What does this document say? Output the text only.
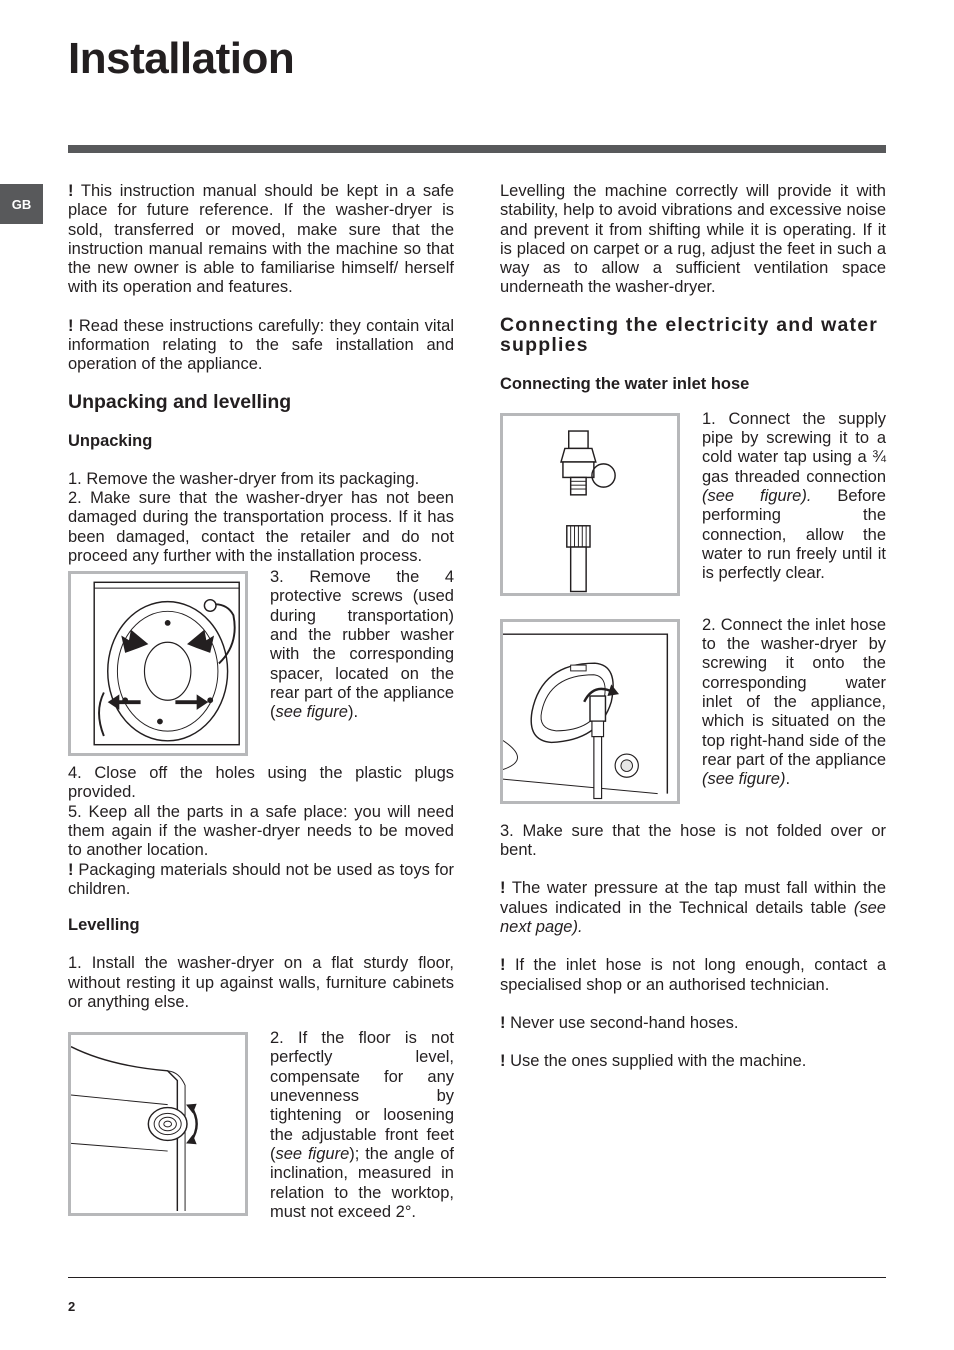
Installation
GB

! This instruction manual should be kept in a safe place for future reference. If the washer-dryer is sold, transferred or moved, make sure that the instruction manual remains with the machine so that the new owner is able to familiarise himself/ herself with its operation and features.

! Read these instructions carefully: they contain vital information relating to the safe installation and operation of the appliance.

Unpacking and levelling
Unpacking

1. Remove the washer-dryer from its packaging.

2. Make sure that the washer-dryer has not been damaged during the transportation process. If it has been damaged, contact the retailer and do not proceed any further with the installation process.

3. Remove the 4 protective screws (used during transportation) and the rubber washer with the corresponding spacer, located on the rear part of the appliance (see figure).

4. Close off the holes using the plastic plugs provided.

5. Keep all the parts in a safe place: you will need them again if the washer-dryer needs to be moved to another location.

! Packaging materials should not be used as toys for children.

Levelling

1. Install the washer-dryer on a flat sturdy floor, without resting it up against walls, furniture cabinets or anything else.

2. If the floor is not perfectly level, compensate for any unevenness by tightening or loosening the adjustable front feet (see figure); the angle of inclination, measured in relation to the worktop, must not exceed 2°.

Levelling the machine correctly will provide it with stability, help to avoid vibrations and excessive noise and prevent it from shifting while it is operating. If it is placed on carpet or a rug, adjust the feet in such a way as to allow a sufficient ventilation space underneath the washer-dryer.

Connecting the electricity and water supplies
Connecting the water inlet hose

1. Connect the supply pipe by screwing it to a cold water tap using a ¾ gas threaded connection (see figure). Before performing the connection, allow the water to run freely until it is perfectly clear.

2. Connect the inlet hose to the washer-dryer by screwing it onto the corresponding water inlet of the appliance, which is situated on the top right-hand side of the rear part of the appliance (see figure).

3. Make sure that the hose is not folded over or bent.

! The water pressure at the tap must fall within the values indicated in the Technical details table (see next page).

! If the inlet hose is not long enough, contact a specialised shop or an authorised technician.

! Never use second-hand hoses.

! Use the ones supplied with the machine.

2
